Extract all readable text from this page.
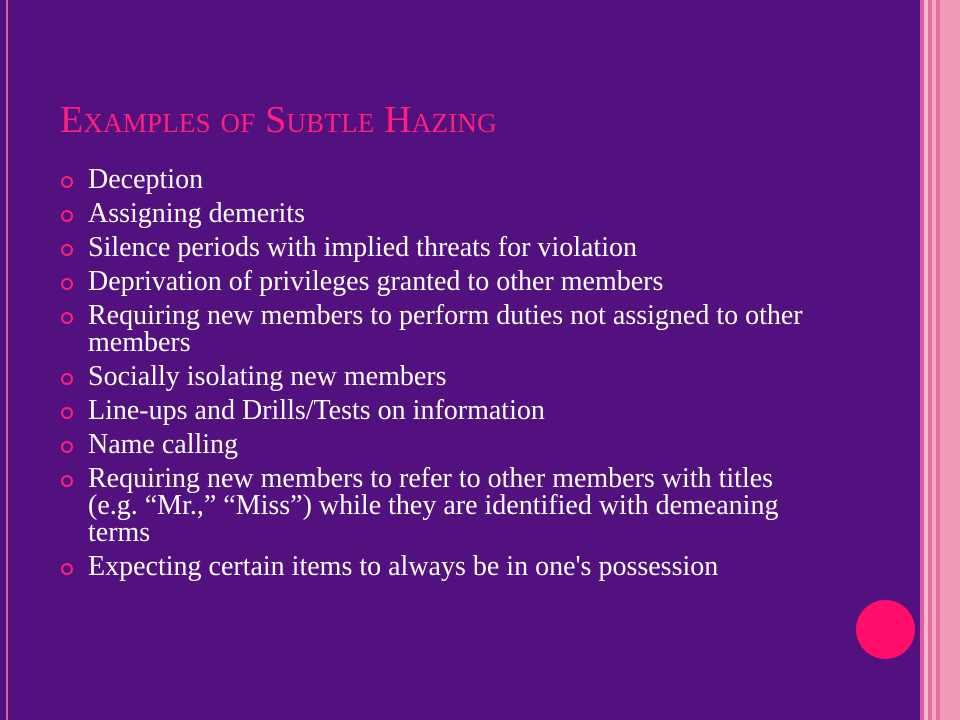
Examples of Subtle Hazing
Deception
Assigning demerits
Silence periods with implied threats for violation
Deprivation of privileges granted to other members
Requiring new members to perform duties not assigned to other members
Socially isolating new members
Line-ups and Drills/Tests on information
Name calling
Requiring new members to refer to other members with titles (e.g. “Mr.,” “Miss”) while they are identified with demeaning terms
Expecting certain items to always be in one's possession
